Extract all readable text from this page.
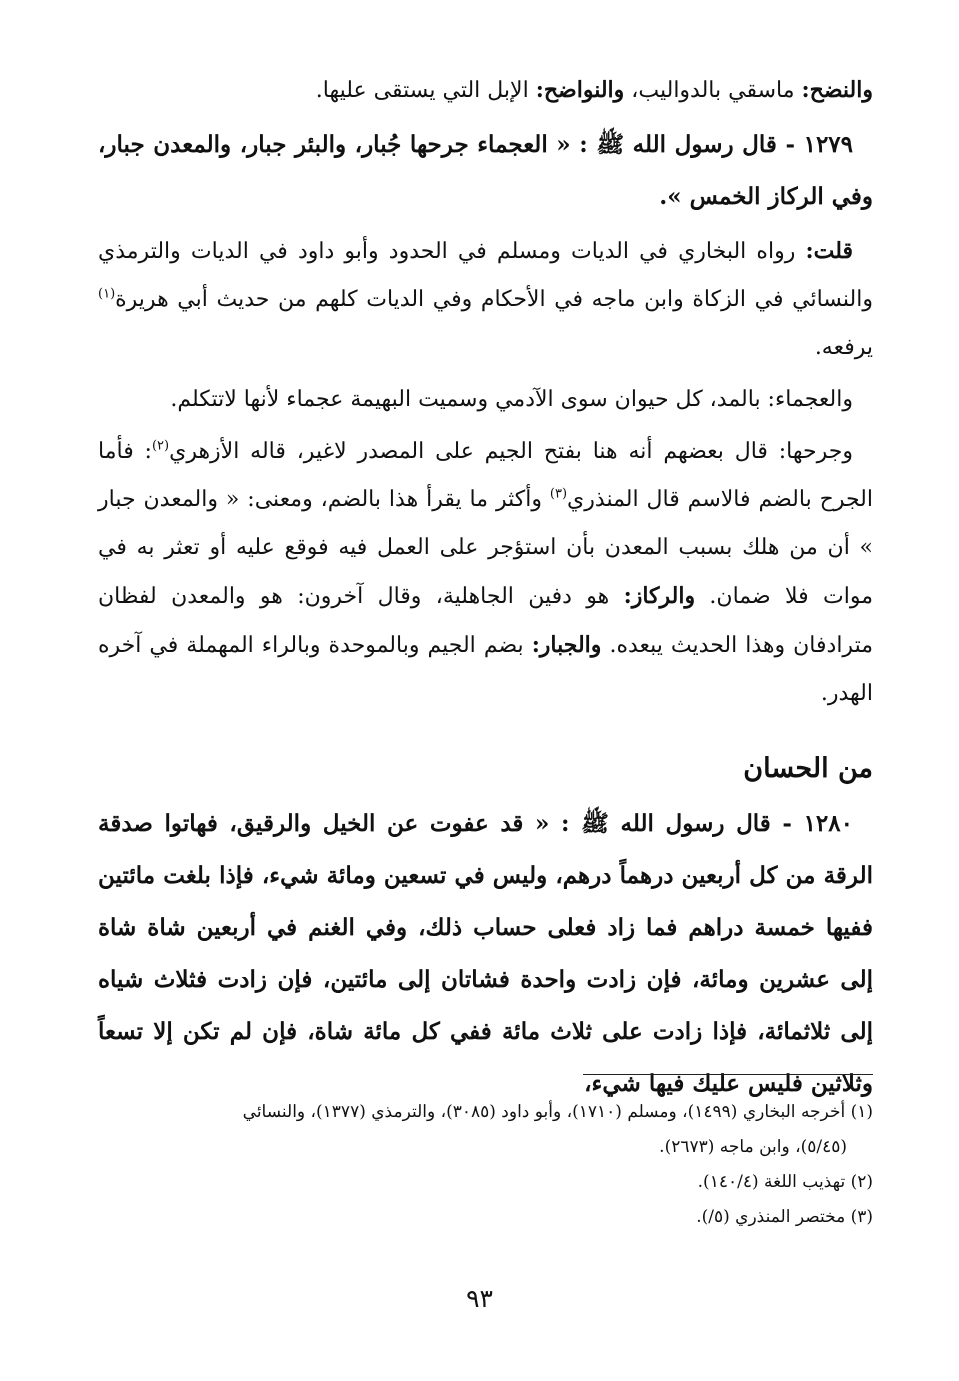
والنضح: ماسقي بالدواليب، والنواضح: الإبل التي يستقى عليها.

١٢٧٩ - قال رسول الله ﷺ : « العجماء جرحها جُبار، والبئر جبار، والمعدن جبار، وفي الركاز الخمس ».

قلت: رواه البخاري في الديات ومسلم في الحدود وأبو داود في الديات والترمذي والنسائي في الزكاة وابن ماجه في الأحكام وفي الديات كلهم من حديث أبي هريرة$^{(١)}$ يرفعه.

والعجماء: بالمد، كل حيوان سوى الآدمي وسميت البهيمة عجماء لأنها لاتتكلم.

وجرحها: قال بعضهم أنه هنا بفتح الجيم على المصدر لاغير، قاله الأزهري$^{(٢)}$: فأما الجرح بالضم فالاسم قال المنذري$^{(٣)}$ وأكثر ما يقرأ هذا بالضم، ومعنى: « والمعدن جبار » أن من هلك بسبب المعدن بأن استؤجر على العمل فيه فوقع عليه أو تعثر به في موات فلا ضمان. والركاز: هو دفين الجاهلية، وقال آخرون: هو والمعدن لفظان مترادفان وهذا الحديث يبعده. والجبار: بضم الجيم وبالموحدة وبالراء المهملة في آخره الهدر.

من الحسان

١٢٨٠ - قال رسول الله ﷺ : « قد عفوت عن الخيل والرقيق، فهاتوا صدقة الرقة من كل أربعين درهماً درهم، وليس في تسعين ومائة شيء، فإذا بلغت مائتين ففيها خمسة دراهم فما زاد فعلى حساب ذلك، وفي الغنم في أربعين شاة شاة إلى عشرين ومائة، فإن زادت واحدة فشاتان إلى مائتين، فإن زادت فثلاث شياه إلى ثلاثمائة، فإذا زادت على ثلاث مائة ففي كل مائة شاة، فإن لم تكن إلا تسعاً وثلاثين فليس عليك فيها شيء،

(١) أخرجه البخاري (١٤٩٩)، ومسلم (١٧١٠)، وأبو داود (٣٠٨٥)، والترمذي (١٣٧٧)، والنسائي

(٥/٤٥)، وابن ماجه (٢٦٧٣).

(٢) تهذيب اللغة (١٤٠/٤).

(٣) مختصر المنذري (٥/).

٩٣
